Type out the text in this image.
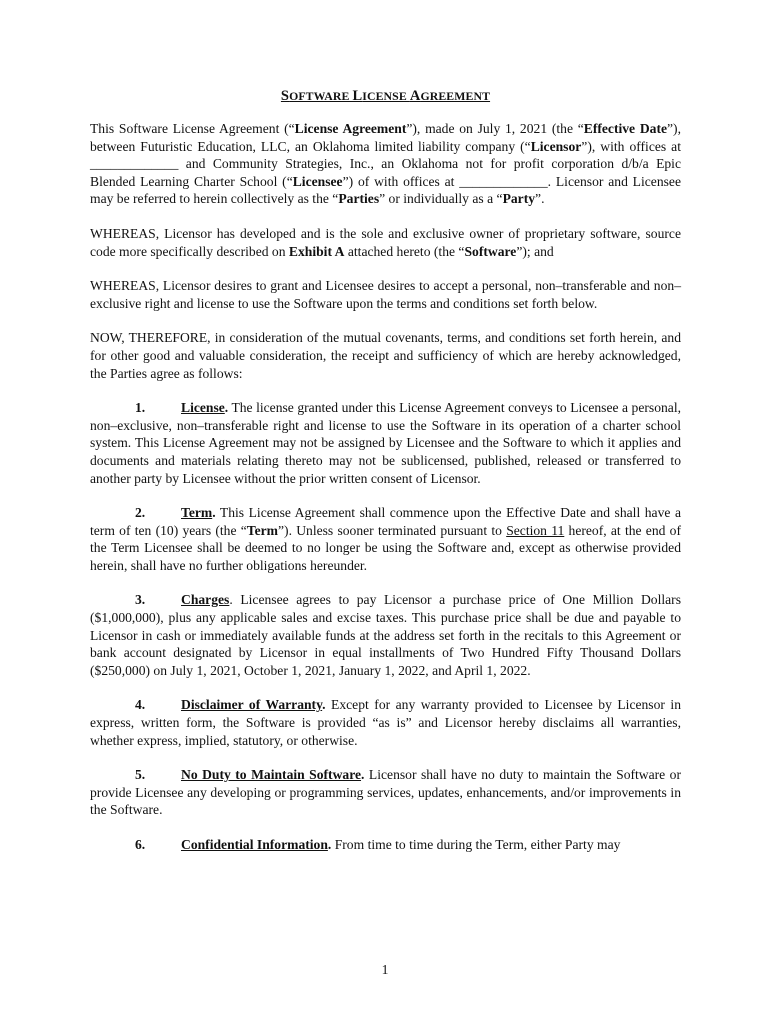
SOFTWARE LICENSE AGREEMENT

This Software License Agreement (“License Agreement”), made on July 1, 2021 (the “Effective Date”), between Futuristic Education, LLC, an Oklahoma limited liability company (“Licensor”), with offices at _____________ and Community Strategies, Inc., an Oklahoma not for profit corporation d/b/a Epic Blended Learning Charter School (“Licensee”) of with offices at _____________. Licensor and Licensee may be referred to herein collectively as the “Parties” or individually as a “Party”.

WHEREAS, Licensor has developed and is the sole and exclusive owner of proprietary software, source code more specifically described on Exhibit A attached hereto (the “Software”); and

WHEREAS, Licensor desires to grant and Licensee desires to accept a personal, non–transferable and non–exclusive right and license to use the Software upon the terms and conditions set forth below.

NOW, THEREFORE, in consideration of the mutual covenants, terms, and conditions set forth herein, and for other good and valuable consideration, the receipt and sufficiency of which are hereby acknowledged, the Parties agree as follows:

1.	License. The license granted under this License Agreement conveys to Licensee a personal, non–exclusive, non–transferable right and license to use the Software in its operation of a charter school system. This License Agreement may not be assigned by Licensee and the Software to which it applies and documents and materials relating thereto may not be sublicensed, published, released or transferred to another party by Licensee without the prior written consent of Licensor.

2.	Term. This License Agreement shall commence upon the Effective Date and shall have a term of ten (10) years (the “Term”). Unless sooner terminated pursuant to Section 11 hereof, at the end of the Term Licensee shall be deemed to no longer be using the Software and, except as otherwise provided herein, shall have no further obligations hereunder.

3.	Charges. Licensee agrees to pay Licensor a purchase price of One Million Dollars ($1,000,000), plus any applicable sales and excise taxes. This purchase price shall be due and payable to Licensor in cash or immediately available funds at the address set forth in the recitals to this Agreement or bank account designated by Licensor in equal installments of Two Hundred Fifty Thousand Dollars ($250,000) on July 1, 2021, October 1, 2021, January 1, 2022, and April 1, 2022.

4.	Disclaimer of Warranty. Except for any warranty provided to Licensee by Licensor in express, written form, the Software is provided “as is” and Licensor hereby disclaims all warranties, whether express, implied, statutory, or otherwise.

5.	No Duty to Maintain Software. Licensor shall have no duty to maintain the Software or provide Licensee any developing or programming services, updates, enhancements, and/or improvements in the Software.

6.	Confidential Information. From time to time during the Term, either Party may

1
